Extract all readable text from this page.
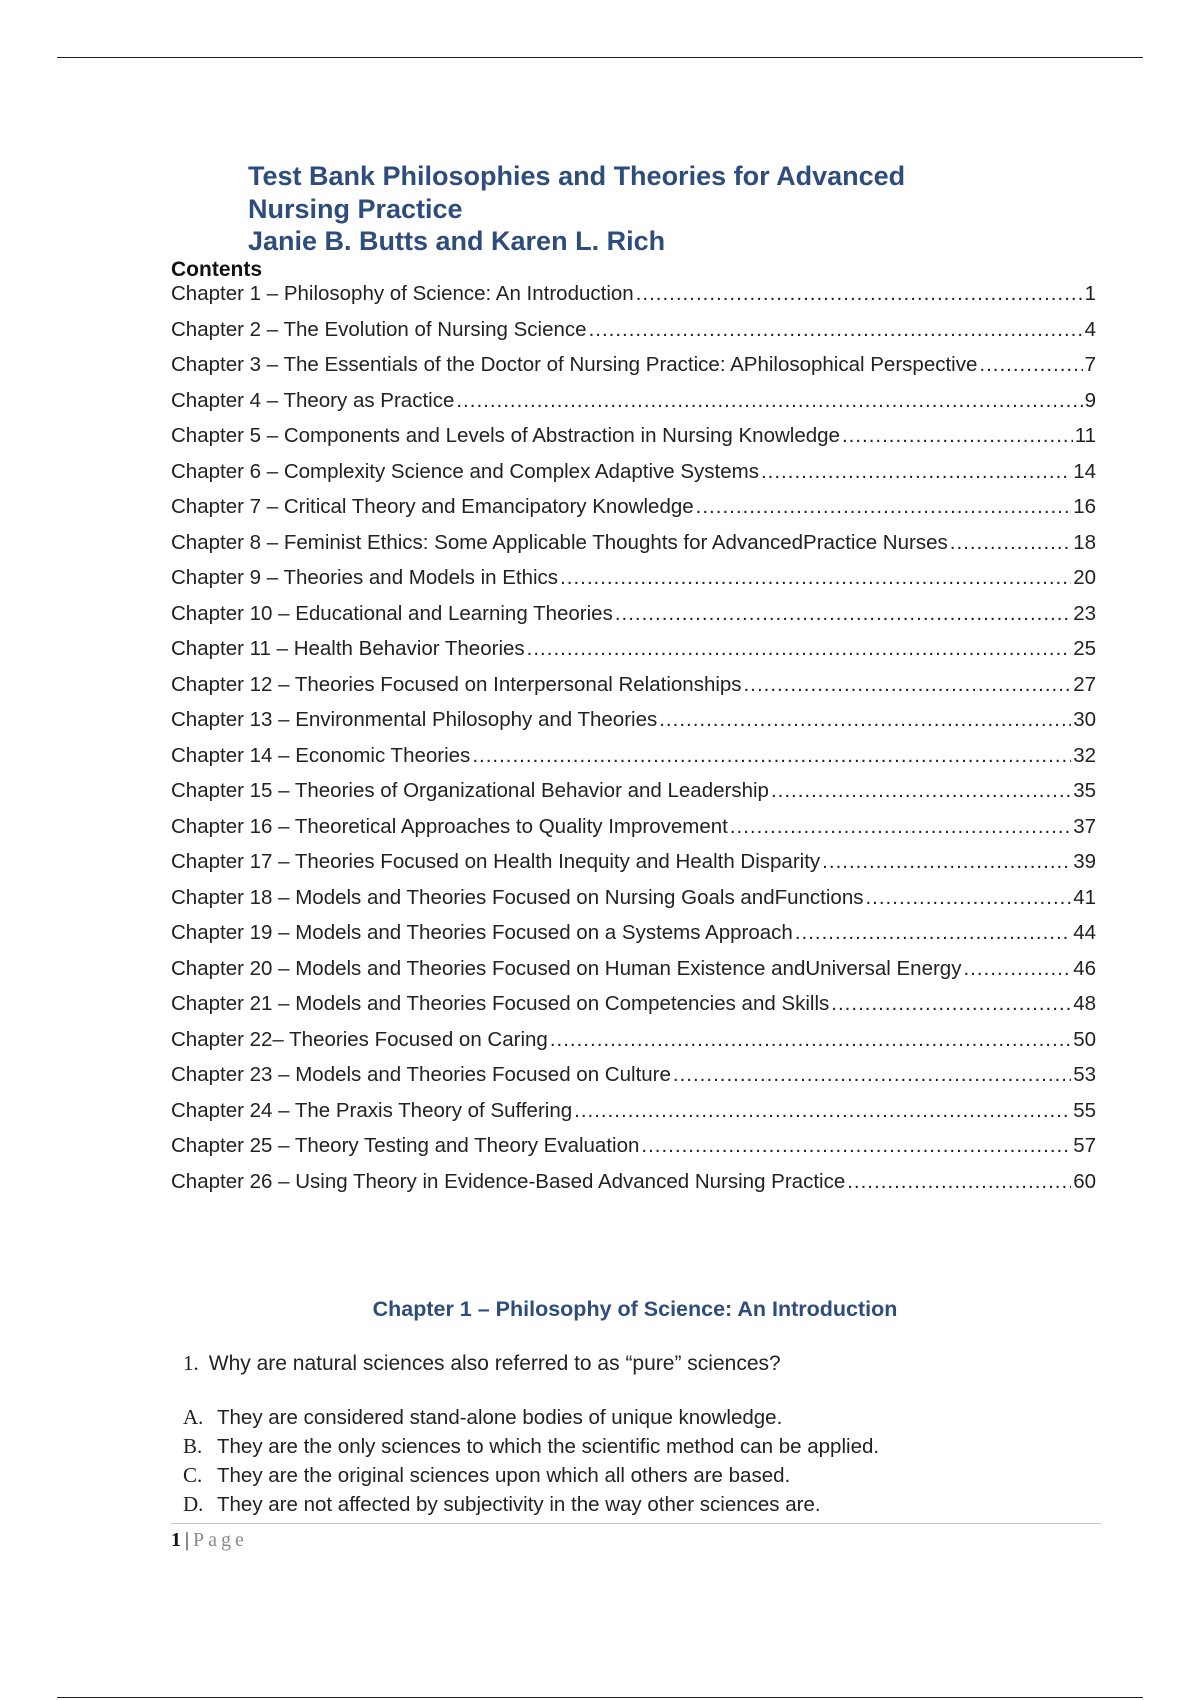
Test Bank Philosophies and Theories for Advanced
Nursing Practice
Janie B. Butts and Karen L. Rich
Contents
Chapter 1 – Philosophy of Science: An Introduction .....	1
Chapter 2 – The Evolution of Nursing Science .....	4
Chapter 3 – The Essentials of the Doctor of Nursing Practice: APhilosophical Perspective .....	7
Chapter 4 – Theory as Practice .....	9
Chapter 5 – Components and Levels of Abstraction in Nursing Knowledge .....	11
Chapter 6 – Complexity Science and Complex Adaptive Systems .....	14
Chapter 7 – Critical Theory and Emancipatory Knowledge .....	16
Chapter 8 – Feminist Ethics: Some Applicable Thoughts for AdvancedPractice Nurses .....	18
Chapter 9 – Theories and Models in Ethics .....	20
Chapter 10 – Educational and Learning Theories .....	23
Chapter 11 – Health Behavior Theories .....	25
Chapter 12 – Theories Focused on Interpersonal Relationships .....	27
Chapter 13 – Environmental Philosophy and Theories .....	30
Chapter 14 – Economic Theories .....	32
Chapter 15 – Theories of Organizational Behavior and Leadership .....	35
Chapter 16 – Theoretical Approaches to Quality Improvement .....	37
Chapter 17 – Theories Focused on Health Inequity and Health Disparity .....	39
Chapter 18 – Models and Theories Focused on Nursing Goals andFunctions .....	41
Chapter 19 – Models and Theories Focused on a Systems Approach .....	44
Chapter 20 – Models and Theories Focused on Human Existence andUniversal Energy .....	46
Chapter 21 – Models and Theories Focused on Competencies and Skills .....	48
Chapter 22– Theories Focused on Caring .....	50
Chapter 23 – Models and Theories Focused on Culture .....	53
Chapter 24 – The Praxis Theory of Suffering .....	55
Chapter 25 – Theory Testing and Theory Evaluation .....	57
Chapter 26 – Using Theory in Evidence-Based Advanced Nursing Practice .....	60
Chapter 1 – Philosophy of Science: An Introduction
1. Why are natural sciences also referred to as “pure” sciences?
A. They are considered stand-alone bodies of unique knowledge.
B. They are the only sciences to which the scientific method can be applied.
C. They are the original sciences upon which all others are based.
D. They are not affected by subjectivity in the way other sciences are.
1 | Page
